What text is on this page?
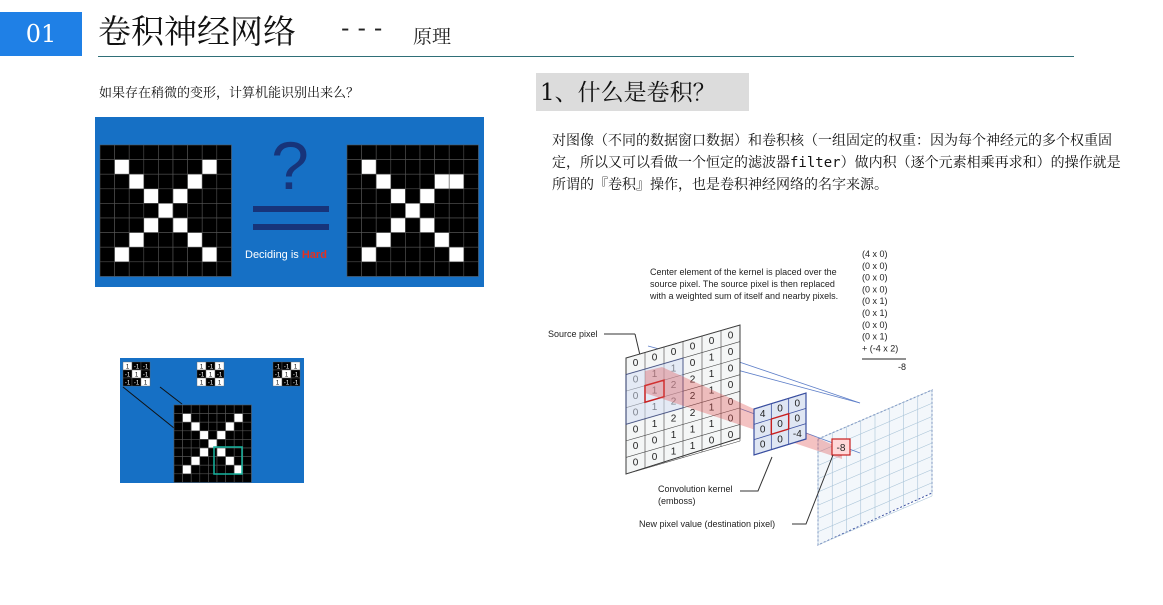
01	卷积神经网络 --- 原理
如果存在稍微的变形，计算机能识别出来么？
?
Deciding is Hard
1 -1 -1
-1 1 -1
-1 -1 1
1 -1 1
-1 1 -1
1 -1 1
-1 -1 1
-1 1 -1
1 -1 -1
1、什么是卷积？
对图像（不同的数据窗口数据）和卷积核（一组固定的权重：因为每个神经元的多个权重固定，所以又可以看做一个恒定的滤波器filter）做内积（逐个元素相乘再求和）的操作就是所谓的『卷积』操作，也是卷积神经网络的名字来源。
Center element of the kernel is placed over the
source pixel. The source pixel is then replaced
with a weighted sum of itself and nearby pixels.
(4 x 0)
(0 x 0)
(0 x 0)
(0 x 0)
(0 x 1)
(0 x 1)
(0 x 0)
(0 x 1)
+ (-4 x 2)
-8
Source pixel
0 0 0 0 0 0
0 1 0
2 1 0
2 1 0
0 1 2 2 1 0
0 0 1 1 1 0
0 0 1 1 0 0
4 0 0
0 0 0
0 0 -4
-8
Convolution kernel
(emboss)
New pixel value (destination pixel)
